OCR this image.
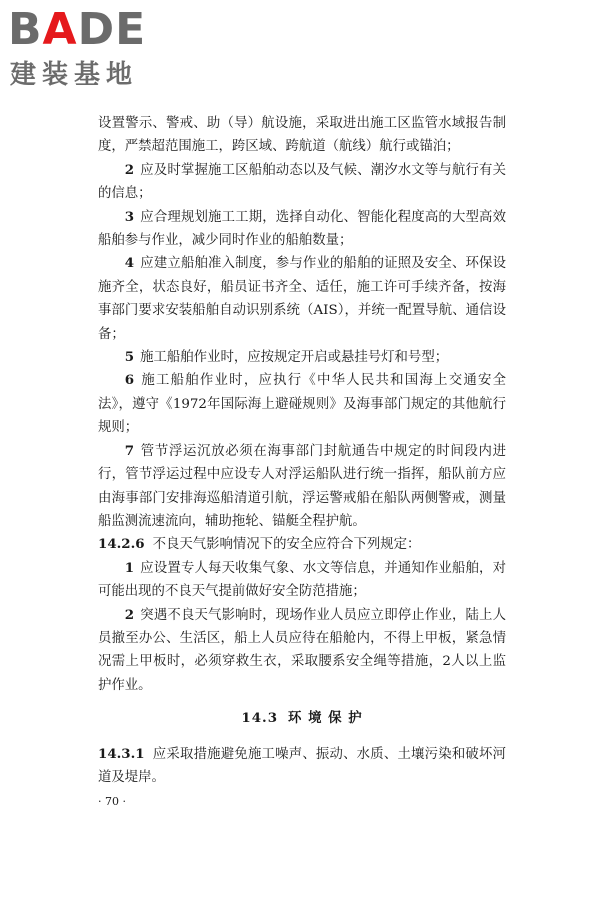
BADE
建装基地

设置警示、警戒、助（导）航设施，采取进出施工区监管水域报告制度，严禁超范围施工，跨区域、跨航道（航线）航行或锚泊；

2 应及时掌握施工区船舶动态以及气候、潮汐水文等与航行有关的信息；

3 应合理规划施工工期，选择自动化、智能化程度高的大型高效船舶参与作业，减少同时作业的船舶数量；

4 应建立船舶准入制度，参与作业的船舶的证照及安全、环保设施齐全，状态良好，船员证书齐全、适任，施工许可手续齐备，按海事部门要求安装船舶自动识别系统（AIS），并统一配置导航、通信设备；

5 施工船舶作业时，应按规定开启或悬挂号灯和号型；

6 施工船舶作业时，应执行《中华人民共和国海上交通安全法》，遵守《1972年国际海上避碰规则》及海事部门规定的其他航行规则；

7 管节浮运沉放必须在海事部门封航通告中规定的时间段内进行，管节浮运过程中应设专人对浮运船队进行统一指挥，船队前方应由海事部门安排海巡船清道引航，浮运警戒船在船队两侧警戒，测量船监测流速流向，辅助拖轮、锚艇全程护航。

14.2.6 不良天气影响情况下的安全应符合下列规定：

1 应设置专人每天收集气象、水文等信息，并通知作业船舶，对可能出现的不良天气提前做好安全防范措施；

2 突遇不良天气影响时，现场作业人员应立即停止作业，陆上人员撤至办公、生活区，船上人员应待在船舱内，不得上甲板，紧急情况需上甲板时，必须穿救生衣，采取腰系安全绳等措施，2人以上监护作业。

14.3 环 境 保 护

14.3.1 应采取措施避免施工噪声、振动、水质、土壤污染和破坏河道及堤岸。

· 70 ·
